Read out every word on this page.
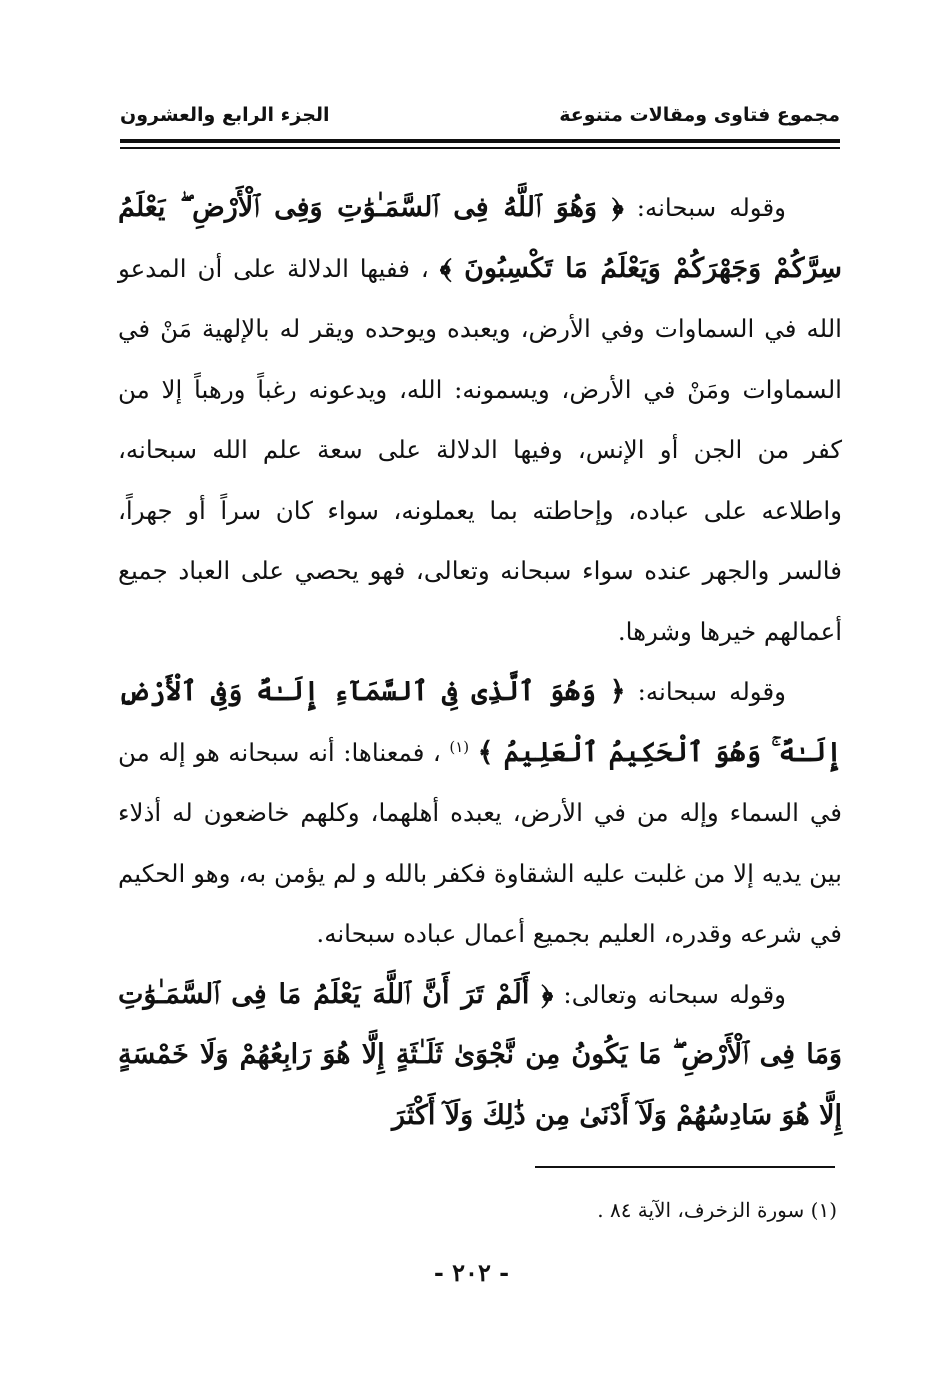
مجموع فتاوى ومقالات متنوعة
الجزء الرابع والعشرون

وقوله سبحانه: ﴿ وَهُوَ ٱللَّهُ فِى ٱلسَّمَـٰوَٰتِ وَفِى ٱلْأَرْضِ ۖ يَعْلَمُ سِرَّكُمْ وَجَهْرَكُمْ وَيَعْلَمُ مَا تَكْسِبُونَ ﴾ ، ففيها الدلالة على أن المدعو الله في السماوات وفي الأرض، ويعبده ويوحده ويقر له بالإلهية مَنْ في السماوات ومَنْ في الأرض، ويسمونه: الله، ويدعونه رغباً ورهباً إلا من كفر من الجن أو الإنس، وفيها الدلالة على سعة علم الله سبحانه، واطلاعه على عباده، وإحاطته بما يعملونه، سواء كان سراً أو جهراً، فالسر والجهر عنده سواء سبحانه وتعالى، فهو يحصي على العباد جميع أعمالهم خيرها وشرها.

وقوله سبحانه: ﴿ وَهُوَ ٱلَّذِى فِى ٱلسَّمَآءِ إِلَـٰهٌ وَفِى ٱلْأَرْضِ إِلَـٰهٌ ۚ وَهُوَ ٱلْحَكِيمُ ٱلْعَلِيمُ ﴾ $^{(١)}$ ، فمعناها: أنه سبحانه هو إله من في السماء وإله من في الأرض، يعبده أهلهما، وكلهم خاضعون له أذلاء بين يديه إلا من غلبت عليه الشقاوة فكفر بالله و لم يؤمن به، وهو الحكيم في شرعه وقدره، العليم بجميع أعمال عباده سبحانه.

وقوله سبحانه وتعالى: ﴿ أَلَمْ تَرَ أَنَّ ٱللَّهَ يَعْلَمُ مَا فِى ٱلسَّمَـٰوَٰتِ وَمَا فِى ٱلْأَرْضِ ۖ مَا يَكُونُ مِن نَّجْوَىٰ ثَلَـٰثَةٍ إِلَّا هُوَ رَابِعُهُمْ وَلَا خَمْسَةٍ إِلَّا هُوَ سَادِسُهُمْ وَلَآ أَدْنَىٰ مِن ذَٰلِكَ وَلَآ أَكْثَرَ

(١) سورة الزخرف، الآية ٨٤ .
- ٢٠٢ -
